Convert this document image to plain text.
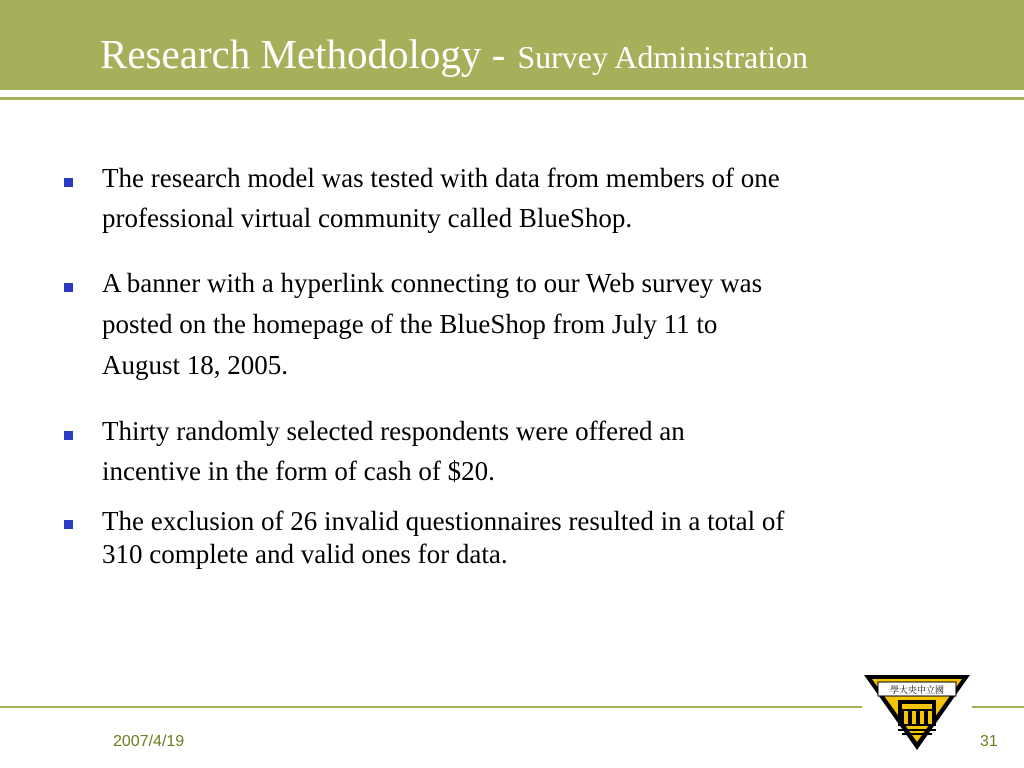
Research Methodology - Survey Administration
The research model was tested with data from members of one
professional virtual community called BlueShop.
A banner with a hyperlink connecting to our Web survey was
posted on the homepage of the BlueShop from July 11 to
August 18, 2005.
Thirty randomly selected respondents were offered an
incentive in the form of cash of $20.
The exclusion of 26 invalid questionnaires resulted in a total of
310 complete and valid ones for data.
學大央中立國
2007/4/19	31
